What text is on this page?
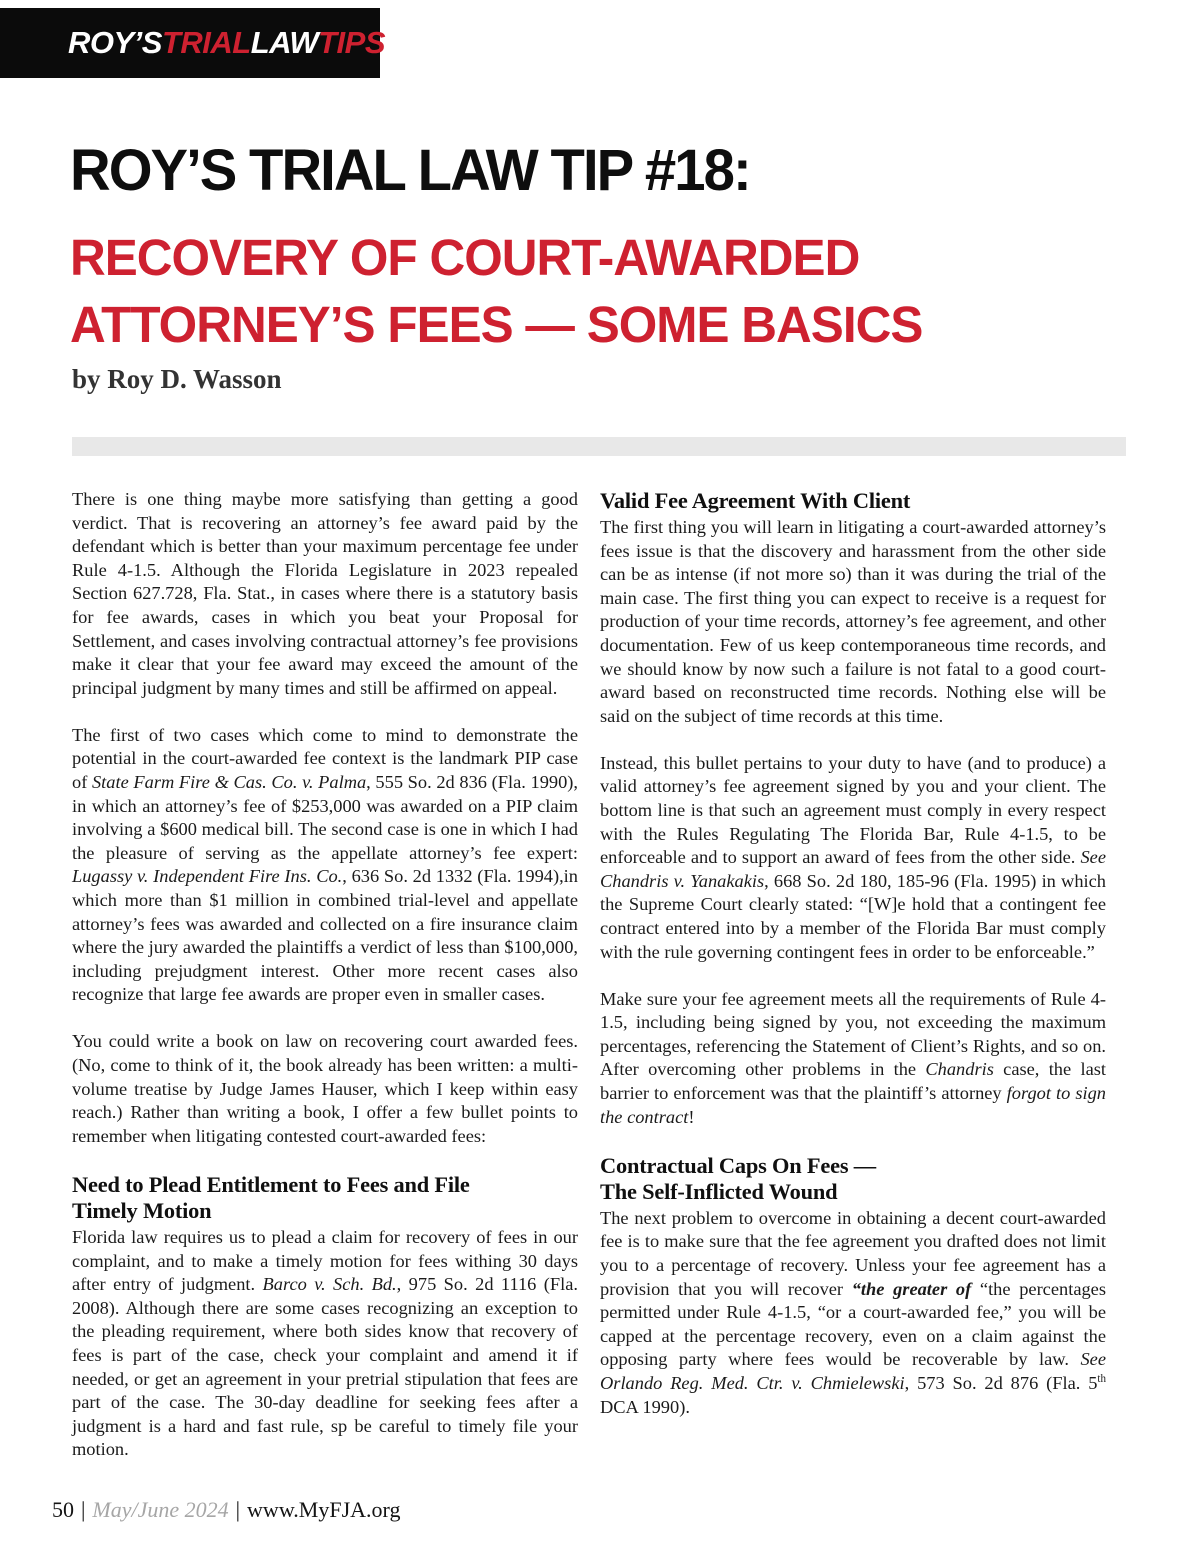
ROY’STRIALLAWTIPS
ROY’S TRIAL LAW TIP #18:
RECOVERY OF COURT-AWARDED
ATTORNEY’S FEES — SOME BASICS
by Roy D. Wasson

There is one thing maybe more satisfying than getting a good verdict. That is recovering an attorney’s fee award paid by the defendant which is better than your maximum percentage fee under Rule 4-1.5. Although the Florida Legislature in 2023 repealed Section 627.728, Fla. Stat., in cases where there is a statutory basis for fee awards, cases in which you beat your Proposal for Settlement, and cases involving contractual attorney’s fee provisions make it clear that your fee award may exceed the amount of the principal judgment by many times and still be affirmed on appeal.

The first of two cases which come to mind to demonstrate the potential in the court-awarded fee context is the landmark PIP case of State Farm Fire & Cas. Co. v. Palma, 555 So. 2d 836 (Fla. 1990), in which an attorney’s fee of $253,000 was awarded on a PIP claim involving a $600 medical bill. The second case is one in which I had the pleasure of serving as the appellate attorney’s fee expert: Lugassy v. Independent Fire Ins. Co., 636 So. 2d 1332 (Fla. 1994),in which more than $1 million in combined trial-level and appellate attorney’s fees was awarded and collected on a fire insurance claim where the jury awarded the plaintiffs a verdict of less than $100,000, including prejudgment interest. Other more recent cases also recognize that large fee awards are proper even in smaller cases.

You could write a book on law on recovering court awarded fees. (No, come to think of it, the book already has been written: a multi-volume treatise by Judge James Hauser, which I keep within easy reach.) Rather than writing a book, I offer a few bullet points to remember when litigating contested court-awarded fees:

Need to Plead Entitlement to Fees and File
Timely Motion

Florida law requires us to plead a claim for recovery of fees in our complaint, and to make a timely motion for fees withing 30 days after entry of judgment. Barco v. Sch. Bd., 975 So. 2d 1116 (Fla. 2008). Although there are some cases recognizing an exception to the pleading requirement, where both sides know that recovery of fees is part of the case, check your complaint and amend it if needed, or get an agreement in your pretrial stipulation that fees are part of the case. The 30-day deadline for seeking fees after a judgment is a hard and fast rule, sp be careful to timely file your motion.

Valid Fee Agreement With Client

The first thing you will learn in litigating a court-awarded attorney’s fees issue is that the discovery and harassment from the other side can be as intense (if not more so) than it was during the trial of the main case. The first thing you can expect to receive is a request for production of your time records, attorney’s fee agreement, and other documentation. Few of us keep contemporaneous time records, and we should know by now such a failure is not fatal to a good court-award based on reconstructed time records. Nothing else will be said on the subject of time records at this time.

Instead, this bullet pertains to your duty to have (and to produce) a valid attorney’s fee agreement signed by you and your client. The bottom line is that such an agreement must comply in every respect with the Rules Regulating The Florida Bar, Rule 4-1.5, to be enforceable and to support an award of fees from the other side. See Chandris v. Yanakakis, 668 So. 2d 180, 185-96 (Fla. 1995) in which the Supreme Court clearly stated: “[W]e hold that a contingent fee contract entered into by a member of the Florida Bar must comply with the rule governing contingent fees in order to be enforceable.”

Make sure your fee agreement meets all the requirements of Rule 4-1.5, including being signed by you, not exceeding the maximum percentages, referencing the Statement of Client’s Rights, and so on. After overcoming other problems in the Chandris case, the last barrier to enforcement was that the plaintiff’s attorney forgot to sign the contract!

Contractual Caps On Fees —
The Self-Inflicted Wound

The next problem to overcome in obtaining a decent court-awarded fee is to make sure that the fee agreement you drafted does not limit you to a percentage of recovery. Unless your fee agreement has a provision that you will recover “the greater of “the percentages permitted under Rule 4-1.5, “or a court-awarded fee,” you will be capped at the percentage recovery, even on a claim against the opposing party where fees would be recoverable by law. See Orlando Reg. Med. Ctr. v. Chmielewski, 573 So. 2d 876 (Fla. 5th DCA 1990).

50 | May/June 2024 | www.MyFJA.org
